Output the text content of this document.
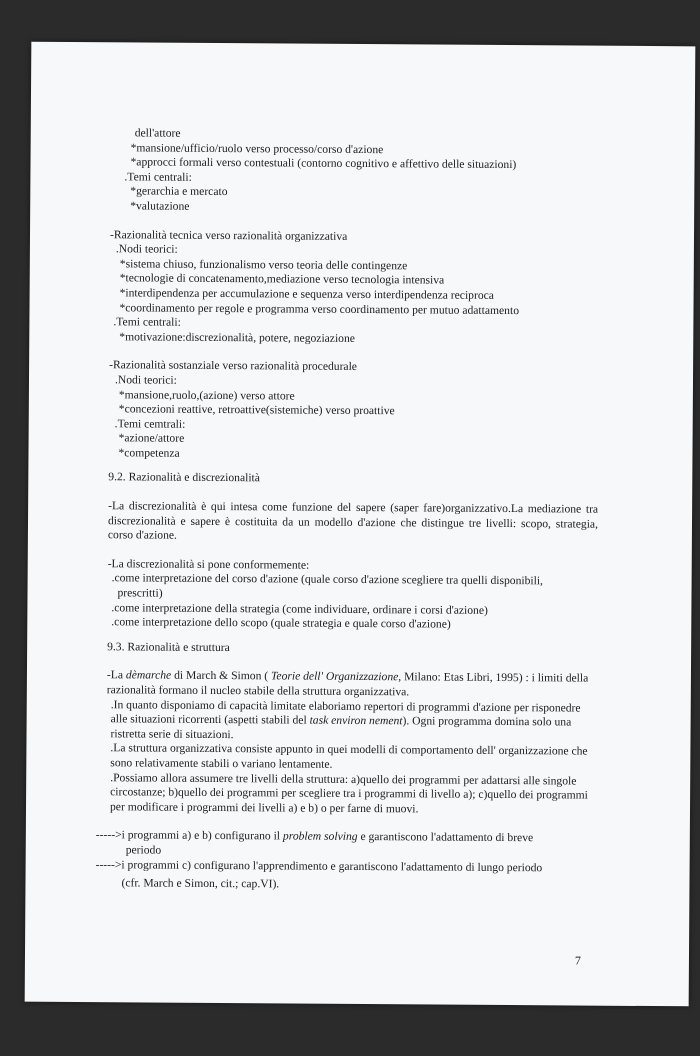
dell'attore
*mansione/ufficio/ruolo verso processo/corso d'azione
*approcci formali verso contestuali (contorno cognitivo e affettivo delle situazioni)
.Temi centrali:
*gerarchia e mercato
*valutazione
-Razionalità tecnica verso razionalità organizzativa
.Nodi teorici:
*sistema chiuso, funzionalismo verso teoria delle contingenze
*tecnologie di concatenamento,mediazione verso tecnologia intensiva
*interdipendenza per accumulazione e sequenza verso interdipendenza reciproca
*coordinamento per regole e programma verso coordinamento per mutuo adattamento
.Temi centrali:
*motivazione:discrezionalità, potere, negoziazione
-Razionalità sostanziale verso razionalità procedurale
.Nodi teorici:
*mansione,ruolo,(azione) verso attore
*concezioni reattive, retroattive(sistemiche) verso proattive
.Temi cemtrali:
*azione/attore
*competenza
9.2. Razionalità e discrezionalità
-La discrezionalità è qui intesa come funzione del sapere (saper fare)organizzativo.La mediazione tra discrezionalità e sapere è costituita da un modello d'azione che distingue tre livelli: scopo, strategia, corso d'azione.
-La discrezionalità si pone conformemente:
.come interpretazione del corso d'azione (quale corso d'azione scegliere tra quelli disponibili,
prescritti)
.come interpretazione della strategia (come individuare, ordinare i corsi d'azione)
.come interpretazione dello scopo (quale strategia e quale corso d'azione)
9.3. Razionalità e struttura
-La dèmarche di March & Simon ( Teorie dell' Organizzazione, Milano: Etas Libri, 1995) : i limiti della razionalità formano il nucleo stabile della struttura organizzativa.
.In quanto disponiamo di capacità limitate elaboriamo repertori di programmi d'azione per risponedre alle situazioni ricorrenti (aspetti stabili del task environ nement). Ogni programma domina solo una ristretta serie di situazioni.
.La struttura organizzativa consiste appunto in quei modelli di comportamento dell' organizzazione che sono relativamente stabili o variano lentamente.
.Possiamo allora assumere tre livelli della struttura: a)quello dei programmi per adattarsi alle singole circostanze; b)quello dei programmi per scegliere tra i programmi di livello a); c)quello dei programmi per modificare i programmi dei livelli a) e b) o per farne di muovi.
----->i programmi a) e b) configurano il problem solving e garantiscono l'adattamento di breve
periodo
----->i programmi c) configurano l'apprendimento e garantiscono l'adattamento di lungo periodo
(cfr. March e Simon, cit.; cap.VI).
7
